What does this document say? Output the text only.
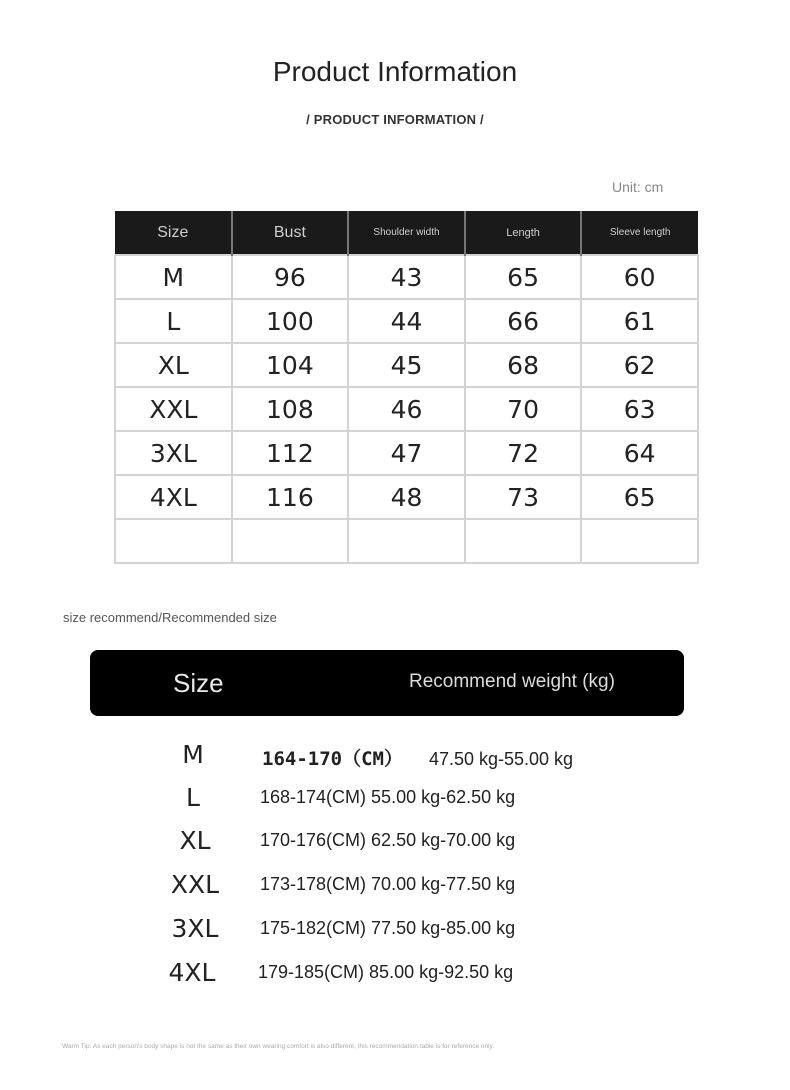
Product Information
/ PRODUCT INFORMATION /
Unit: cm
Size	Bust	Shoulder width	Length	Sleeve length
M	96	43	65	60
L	100	44	66	61
XL	104	45	68	62
XXL	108	46	70	63
3XL	112	47	72	64
4XL	116	48	73	65

size recommend/Recommended size
Size	Recommend weight (kg)
M	164-170（CM） 47.50 kg-55.00 kg
L	168-174(CM) 55.00 kg-62.50 kg
XL	170-176(CM) 62.50 kg-70.00 kg
XXL	173-178(CM) 70.00 kg-77.50 kg
3XL	175-182(CM) 77.50 kg-85.00 kg
4XL	179-185(CM) 85.00 kg-92.50 kg
Warm Tip: As each person's body shape is not the same as their own wearing comfort is also different, this recommendation table is for reference only.
